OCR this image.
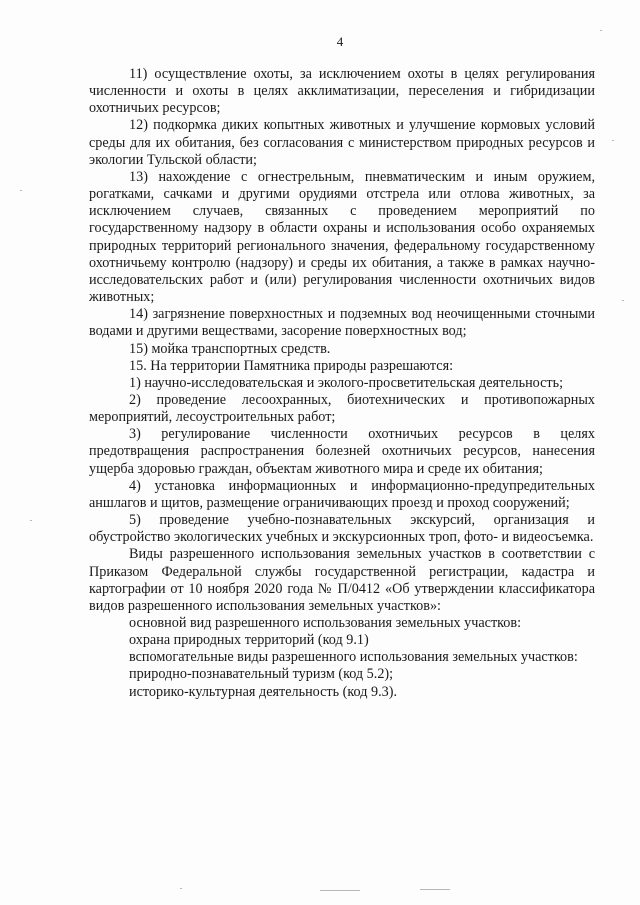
4

11) осуществление охоты, за исключением охоты в целях регулирования численности и охоты в целях акклиматизации, переселения и гибридизации охотничьих ресурсов;

12) подкормка диких копытных животных и улучшение кормовых условий среды для их обитания, без согласования с министерством природных ресурсов и экологии Тульской области;

13) нахождение с огнестрельным, пневматическим и иным оружием, рогатками, сачками и другими орудиями отстрела или отлова животных, за исключением случаев, связанных с проведением мероприятий по государственному надзору в области охраны и использования особо охраняемых природных территорий регионального значения, федеральному государственному охотничьему контролю (надзору) и среды их обитания, а также в рамках научно-исследовательских работ и (или) регулирования численности охотничьих видов животных;

14) загрязнение поверхностных и подземных вод неочищенными сточными водами и другими веществами, засорение поверхностных вод;

15) мойка транспортных средств.

15. На территории Памятника природы разрешаются:

1) научно-исследовательская и эколого-просветительская деятельность;

2) проведение лесоохранных, биотехнических и противопожарных мероприятий, лесоустроительных работ;

3) регулирование численности охотничьих ресурсов в целях предотвращения распространения болезней охотничьих ресурсов, нанесения ущерба здоровью граждан, объектам животного мира и среде их обитания;

4) установка информационных и информационно-предупредительных аншлагов и щитов, размещение ограничивающих проезд и проход сооружений;

5) проведение учебно-познавательных экскурсий, организация и обустройство экологических учебных и экскурсионных троп, фото- и видеосъемка.

Виды разрешенного использования земельных участков в соответствии с Приказом Федеральной службы государственной регистрации, кадастра и картографии от 10 ноября 2020 года № П/0412 «Об утверждении классификатора видов разрешенного использования земельных участков»:

основной вид разрешенного использования земельных участков:

охрана природных территорий (код 9.1)

вспомогательные виды разрешенного использования земельных участков:

природно-познавательный туризм (код 5.2);

историко-культурная деятельность (код 9.3).
